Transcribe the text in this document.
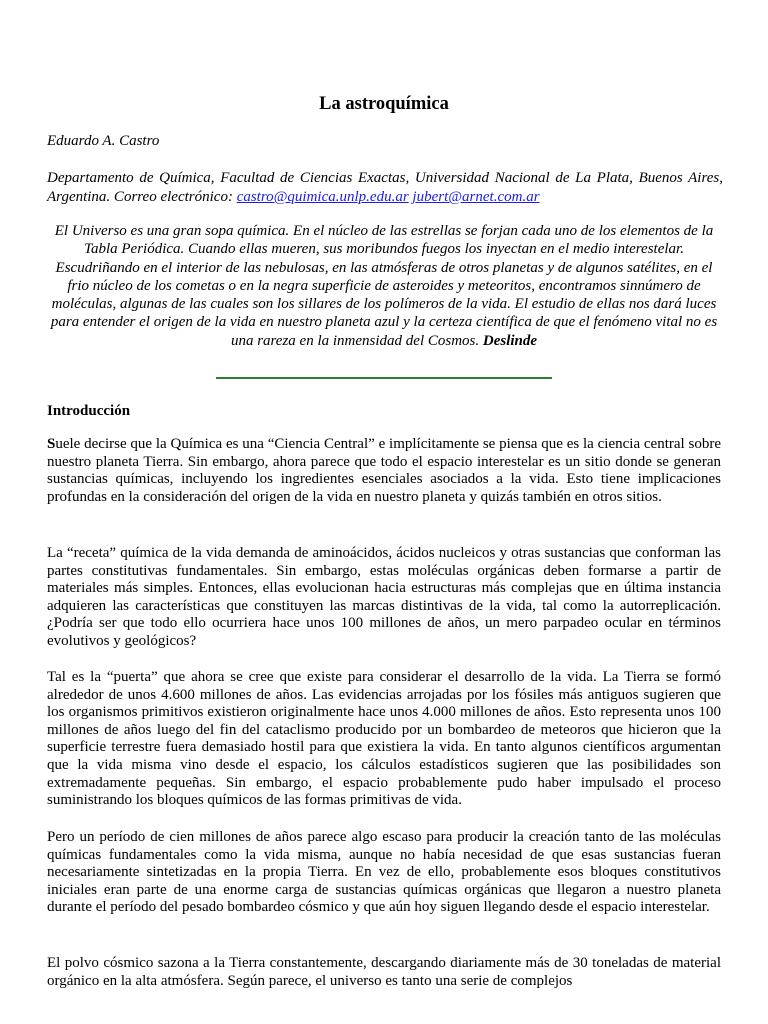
La astroquímica
Eduardo A. Castro
Departamento de Química, Facultad de Ciencias Exactas, Universidad Nacional de La Plata, Buenos Aires, Argentina. Correo electrónico: castro@quimica.unlp.edu.ar jubert@arnet.com.ar
El Universo es una gran sopa química. En el núcleo de las estrellas se forjan cada uno de los elementos de la Tabla Periódica. Cuando ellas mueren, sus moribundos fuegos los inyectan en el medio interestelar. Escudriñando en el interior de las nebulosas, en las atmósferas de otros planetas y de algunos satélites, en el frio núcleo de los cometas o en la negra superficie de asteroides y meteoritos, encontramos sinnúmero de moléculas, algunas de las cuales son los sillares de los polímeros de la vida. El estudio de ellas nos dará luces para entender el origen de la vida en nuestro planeta azul y la certeza científica de que el fenómeno vital no es una rareza en la inmensidad del Cosmos. Deslinde
Introducción
Suele decirse que la Química es una “Ciencia Central” e implícitamente se piensa que es la ciencia central sobre nuestro planeta Tierra. Sin embargo, ahora parece que todo el espacio interestelar es un sitio donde se generan sustancias químicas, incluyendo los ingredientes esenciales asociados a la vida. Esto tiene implicaciones profundas en la consideración del origen de la vida en nuestro planeta y quizás también en otros sitios.
La “receta” química de la vida demanda de aminoácidos, ácidos nucleicos y otras sustancias que conforman las partes constitutivas fundamentales. Sin embargo, estas moléculas orgánicas deben formarse a partir de materiales más simples. Entonces, ellas evolucionan hacia estructuras más complejas que en última instancia adquieren las características que constituyen las marcas distintivas de la vida, tal como la autorreplicación. ¿Podría ser que todo ello ocurriera hace unos 100 millones de años, un mero parpadeo ocular en términos evolutivos y geológicos?
Tal es la “puerta” que ahora se cree que existe para considerar el desarrollo de la vida. La Tierra se formó alrededor de unos 4.600 millones de años. Las evidencias arrojadas por los fósiles más antiguos sugieren que los organismos primitivos existieron originalmente hace unos 4.000 millones de años. Esto representa unos 100 millones de años luego del fin del cataclismo producido por un bombardeo de meteoros que hicieron que la superficie terrestre fuera demasiado hostil para que existiera la vida. En tanto algunos científicos argumentan que la vida misma vino desde el espacio, los cálculos estadísticos sugieren que las posibilidades son extremadamente pequeñas. Sin embargo, el espacio probablemente pudo haber impulsado el proceso suministrando los bloques químicos de las formas primitivas de vida.
Pero un período de cien millones de años parece algo escaso para producir la creación tanto de las moléculas químicas fundamentales como la vida misma, aunque no había necesidad de que esas sustancias fueran necesariamente sintetizadas en la propia Tierra. En vez de ello, probablemente esos bloques constitutivos iniciales eran parte de una enorme carga de sustancias químicas orgánicas que llegaron a nuestro planeta durante el período del pesado bombardeo cósmico y que aún hoy siguen llegando desde el espacio interestelar.
El polvo cósmico sazona a la Tierra constantemente, descargando diariamente más de 30 toneladas de material orgánico en la alta atmósfera. Según parece, el universo es tanto una serie de complejos
